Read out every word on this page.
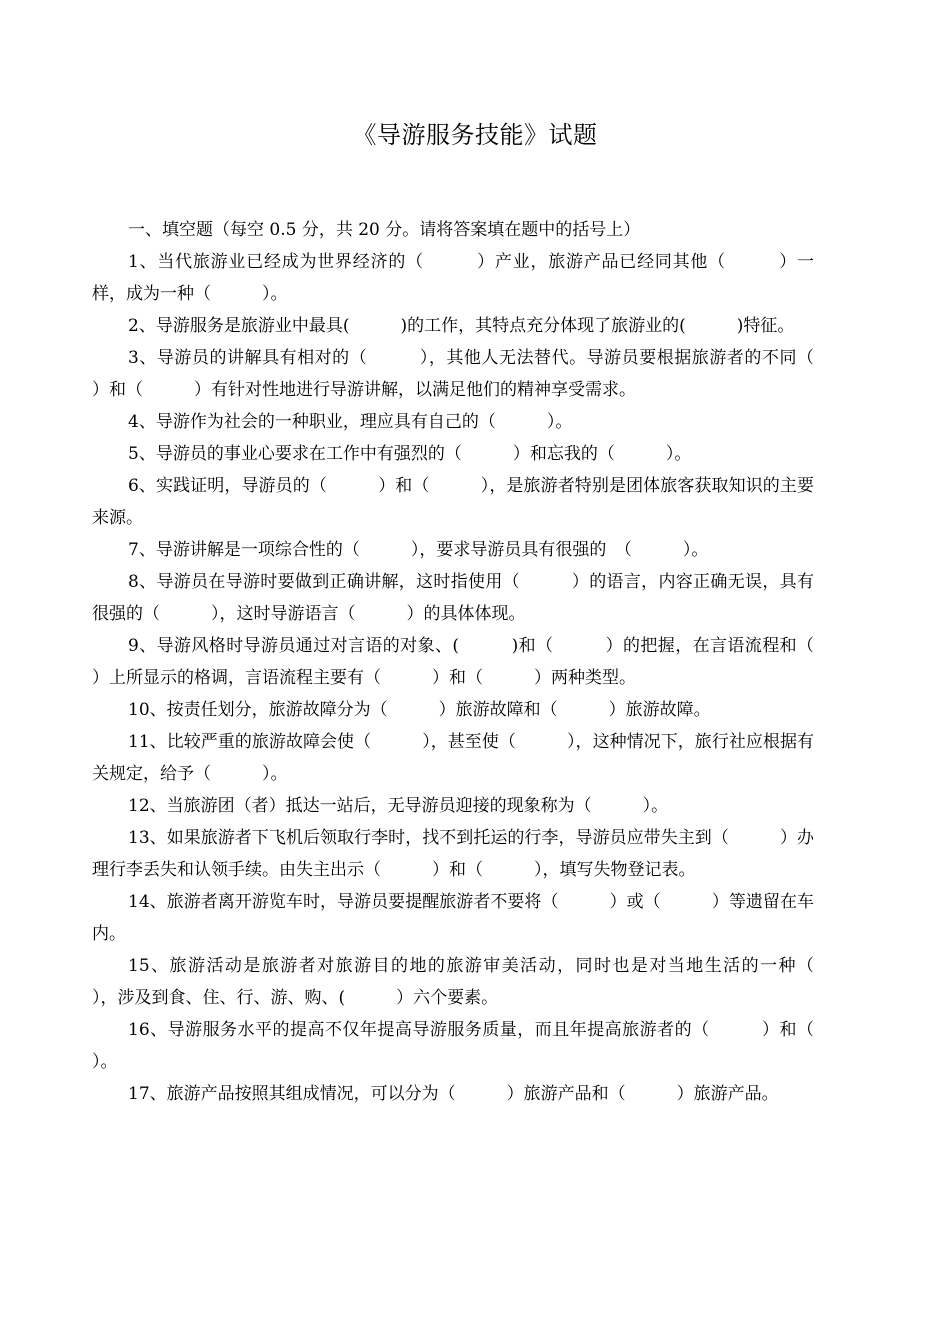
《导游服务技能》试题

一、填空题（每空 0.5 分，共 20 分。请将答案填在题中的括号上）

1、当代旅游业已经成为世界经济的（　　　）产业，旅游产品已经同其他（　　　）一样，成为一种（　　　）。

2、导游服务是旅游业中最具(　　　)的工作，其特点充分体现了旅游业的(　　　)特征。

3、导游员的讲解具有相对的（　　　），其他人无法替代。导游员要根据旅游者的不同（　　　）和（　　　）有针对性地进行导游讲解，以满足他们的精神享受需求。

4、导游作为社会的一种职业，理应具有自己的（　　　）。

5、导游员的事业心要求在工作中有强烈的（　　　）和忘我的（　　　）。

6、实践证明，导游员的（　　　）和（　　　），是旅游者特别是团体旅客获取知识的主要来源。

7、导游讲解是一项综合性的（　　　），要求导游员具有很强的　（　　　）。

8、导游员在导游时要做到正确讲解，这时指使用（　　　）的语言，内容正确无误，具有很强的（　　　），这时导游语言（　　　）的具体体现。

9、导游风格时导游员通过对言语的对象、(　　　)和（　　　）的把握，在言语流程和（　　　）上所显示的格调，言语流程主要有（　　　）和（　　　）两种类型。

10、按责任划分，旅游故障分为（　　　）旅游故障和（　　　）旅游故障。

11、比较严重的旅游故障会使（　　　），甚至使（　　　），这种情况下，旅行社应根据有关规定，给予（　　　）。

12、当旅游团（者）抵达一站后，无导游员迎接的现象称为（　　　）。

13、如果旅游者下飞机后领取行李时，找不到托运的行李，导游员应带失主到（　　　）办理行李丢失和认领手续。由失主出示（　　　）和（　　　），填写失物登记表。

14、旅游者离开游览车时，导游员要提醒旅游者不要将（　　　）或（　　　）等遗留在车内。

15、旅游活动是旅游者对旅游目的地的旅游审美活动，同时也是对当地生活的一种（　　　），涉及到食、住、行、游、购、(　　　）六个要素。

16、导游服务水平的提高不仅年提高导游服务质量，而且年提高旅游者的（　　　）和（　　　）。

17、旅游产品按照其组成情况，可以分为（　　　）旅游产品和（　　　）旅游产品。
